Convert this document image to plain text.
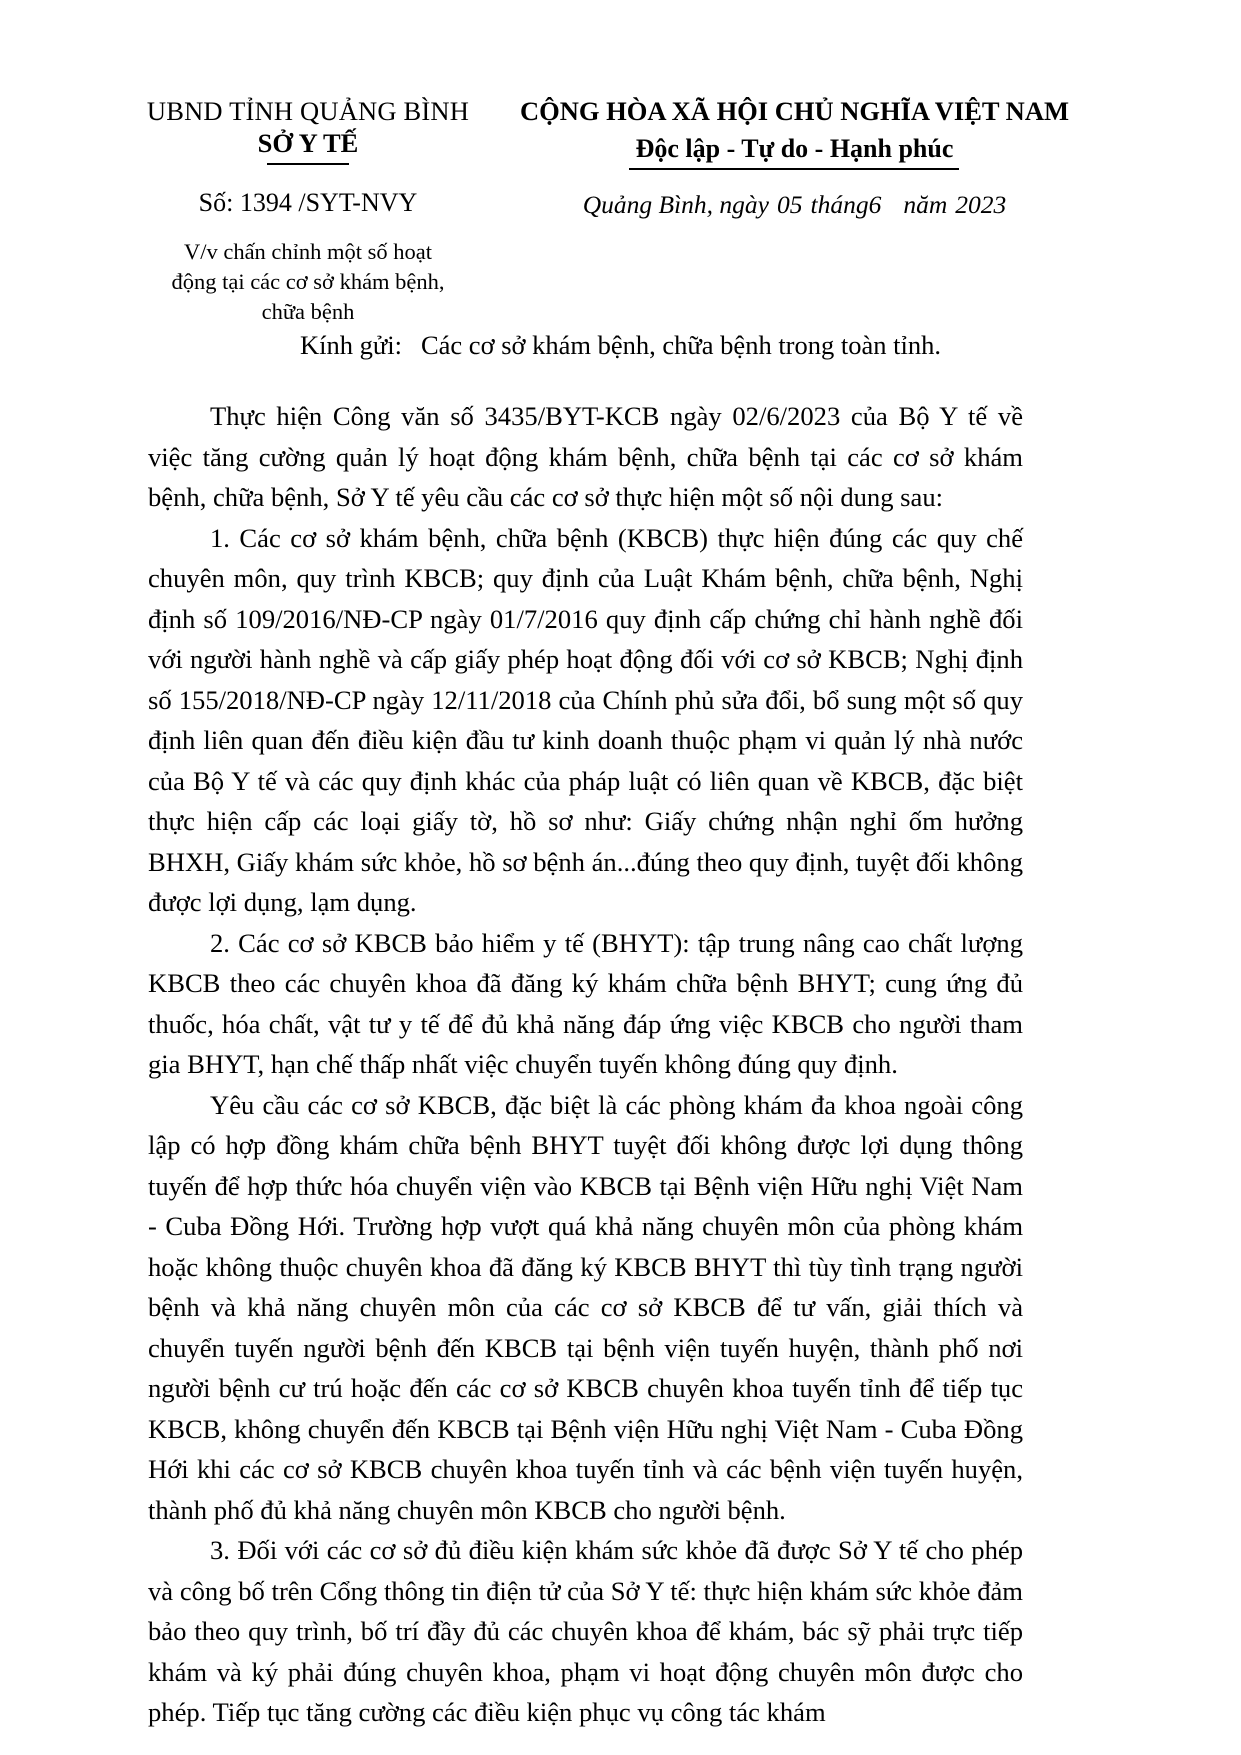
UBND TỈNH QUẢNG BÌNH
SỞ Y TẾ
Số: 1394 /SYT-NVY
V/v chấn chỉnh một số hoạt động tại các cơ sở khám bệnh, chữa bệnh
CỘNG HÒA XÃ HỘI CHỦ NGHĨA VIỆT NAM
Độc lập - Tự do - Hạnh phúc
Quảng Bình, ngày 05 tháng6 năm 2023
Kính gửi: Các cơ sở khám bệnh, chữa bệnh trong toàn tỉnh.

Thực hiện Công văn số 3435/BYT-KCB ngày 02/6/2023 của Bộ Y tế về việc tăng cường quản lý hoạt động khám bệnh, chữa bệnh tại các cơ sở khám bệnh, chữa bệnh, Sở Y tế yêu cầu các cơ sở thực hiện một số nội dung sau:

1. Các cơ sở khám bệnh, chữa bệnh (KBCB) thực hiện đúng các quy chế chuyên môn, quy trình KBCB; quy định của Luật Khám bệnh, chữa bệnh, Nghị định số 109/2016/NĐ-CP ngày 01/7/2016 quy định cấp chứng chỉ hành nghề đối với người hành nghề và cấp giấy phép hoạt động đối với cơ sở KBCB; Nghị định số 155/2018/NĐ-CP ngày 12/11/2018 của Chính phủ sửa đổi, bổ sung một số quy định liên quan đến điều kiện đầu tư kinh doanh thuộc phạm vi quản lý nhà nước của Bộ Y tế và các quy định khác của pháp luật có liên quan về KBCB, đặc biệt thực hiện cấp các loại giấy tờ, hồ sơ như: Giấy chứng nhận nghỉ ốm hưởng BHXH, Giấy khám sức khỏe, hồ sơ bệnh án...đúng theo quy định, tuyệt đối không được lợi dụng, lạm dụng.

2. Các cơ sở KBCB bảo hiểm y tế (BHYT): tập trung nâng cao chất lượng KBCB theo các chuyên khoa đã đăng ký khám chữa bệnh BHYT; cung ứng đủ thuốc, hóa chất, vật tư y tế để đủ khả năng đáp ứng việc KBCB cho người tham gia BHYT, hạn chế thấp nhất việc chuyển tuyến không đúng quy định.

Yêu cầu các cơ sở KBCB, đặc biệt là các phòng khám đa khoa ngoài công lập có hợp đồng khám chữa bệnh BHYT tuyệt đối không được lợi dụng thông tuyến để hợp thức hóa chuyển viện vào KBCB tại Bệnh viện Hữu nghị Việt Nam - Cuba Đồng Hới. Trường hợp vượt quá khả năng chuyên môn của phòng khám hoặc không thuộc chuyên khoa đã đăng ký KBCB BHYT thì tùy tình trạng người bệnh và khả năng chuyên môn của các cơ sở KBCB để tư vấn, giải thích và chuyển tuyến người bệnh đến KBCB tại bệnh viện tuyến huyện, thành phố nơi người bệnh cư trú hoặc đến các cơ sở KBCB chuyên khoa tuyến tỉnh để tiếp tục KBCB, không chuyển đến KBCB tại Bệnh viện Hữu nghị Việt Nam - Cuba Đồng Hới khi các cơ sở KBCB chuyên khoa tuyến tỉnh và các bệnh viện tuyến huyện, thành phố đủ khả năng chuyên môn KBCB cho người bệnh.

3. Đối với các cơ sở đủ điều kiện khám sức khỏe đã được Sở Y tế cho phép và công bố trên Cổng thông tin điện tử của Sở Y tế: thực hiện khám sức khỏe đảm bảo theo quy trình, bố trí đầy đủ các chuyên khoa để khám, bác sỹ phải trực tiếp khám và ký phải đúng chuyên khoa, phạm vi hoạt động chuyên môn được cho phép. Tiếp tục tăng cường các điều kiện phục vụ công tác khám
